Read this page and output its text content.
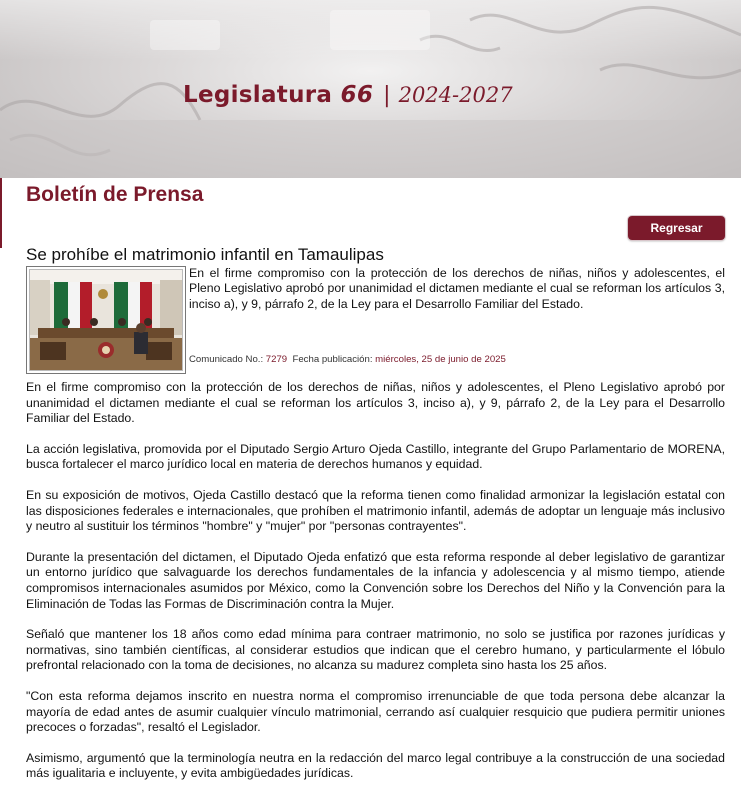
Legislatura 66 | 2024-2027
Boletín de Prensa
Regresar
Se prohíbe el matrimonio infantil en Tamaulipas

En el firme compromiso con la protección de los derechos de niñas, niños y adolescentes, el Pleno Legislativo aprobó por unanimidad el dictamen mediante el cual se reforman los artículos 3, inciso a), y 9, párrafo 2, de la Ley para el Desarrollo Familiar del Estado.

Comunicado No.: 7279 Fecha publicación: miércoles, 25 de junio de 2025

En el firme compromiso con la protección de los derechos de niñas, niños y adolescentes, el Pleno Legislativo aprobó por unanimidad el dictamen mediante el cual se reforman los artículos 3, inciso a), y 9, párrafo 2, de la Ley para el Desarrollo Familiar del Estado.

La acción legislativa, promovida por el Diputado Sergio Arturo Ojeda Castillo, integrante del Grupo Parlamentario de MORENA, busca fortalecer el marco jurídico local en materia de derechos humanos y equidad.

En su exposición de motivos, Ojeda Castillo destacó que la reforma tienen como finalidad armonizar la legislación estatal con las disposiciones federales e internacionales, que prohíben el matrimonio infantil, además de adoptar un lenguaje más inclusivo y neutro al sustituir los términos "hombre" y "mujer" por "personas contrayentes".

Durante la presentación del dictamen, el Diputado Ojeda enfatizó que esta reforma responde al deber legislativo de garantizar un entorno jurídico que salvaguarde los derechos fundamentales de la infancia y adolescencia y al mismo tiempo, atiende compromisos internacionales asumidos por México, como la Convención sobre los Derechos del Niño y la Convención para la Eliminación de Todas las Formas de Discriminación contra la Mujer.

Señaló que mantener los 18 años como edad mínima para contraer matrimonio, no solo se justifica por razones jurídicas y normativas, sino también científicas, al considerar estudios que indican que el cerebro humano, y particularmente el lóbulo prefrontal relacionado con la toma de decisiones, no alcanza su madurez completa sino hasta los 25 años.

"Con esta reforma dejamos inscrito en nuestra norma el compromiso irrenunciable de que toda persona debe alcanzar la mayoría de edad antes de asumir cualquier vínculo matrimonial, cerrando así cualquier resquicio que pudiera permitir uniones precoces o forzadas", resaltó el Legislador.

Asimismo, argumentó que la terminología neutra en la redacción del marco legal contribuye a la construcción de una sociedad más igualitaria e incluyente, y evita ambigüedades jurídicas.
